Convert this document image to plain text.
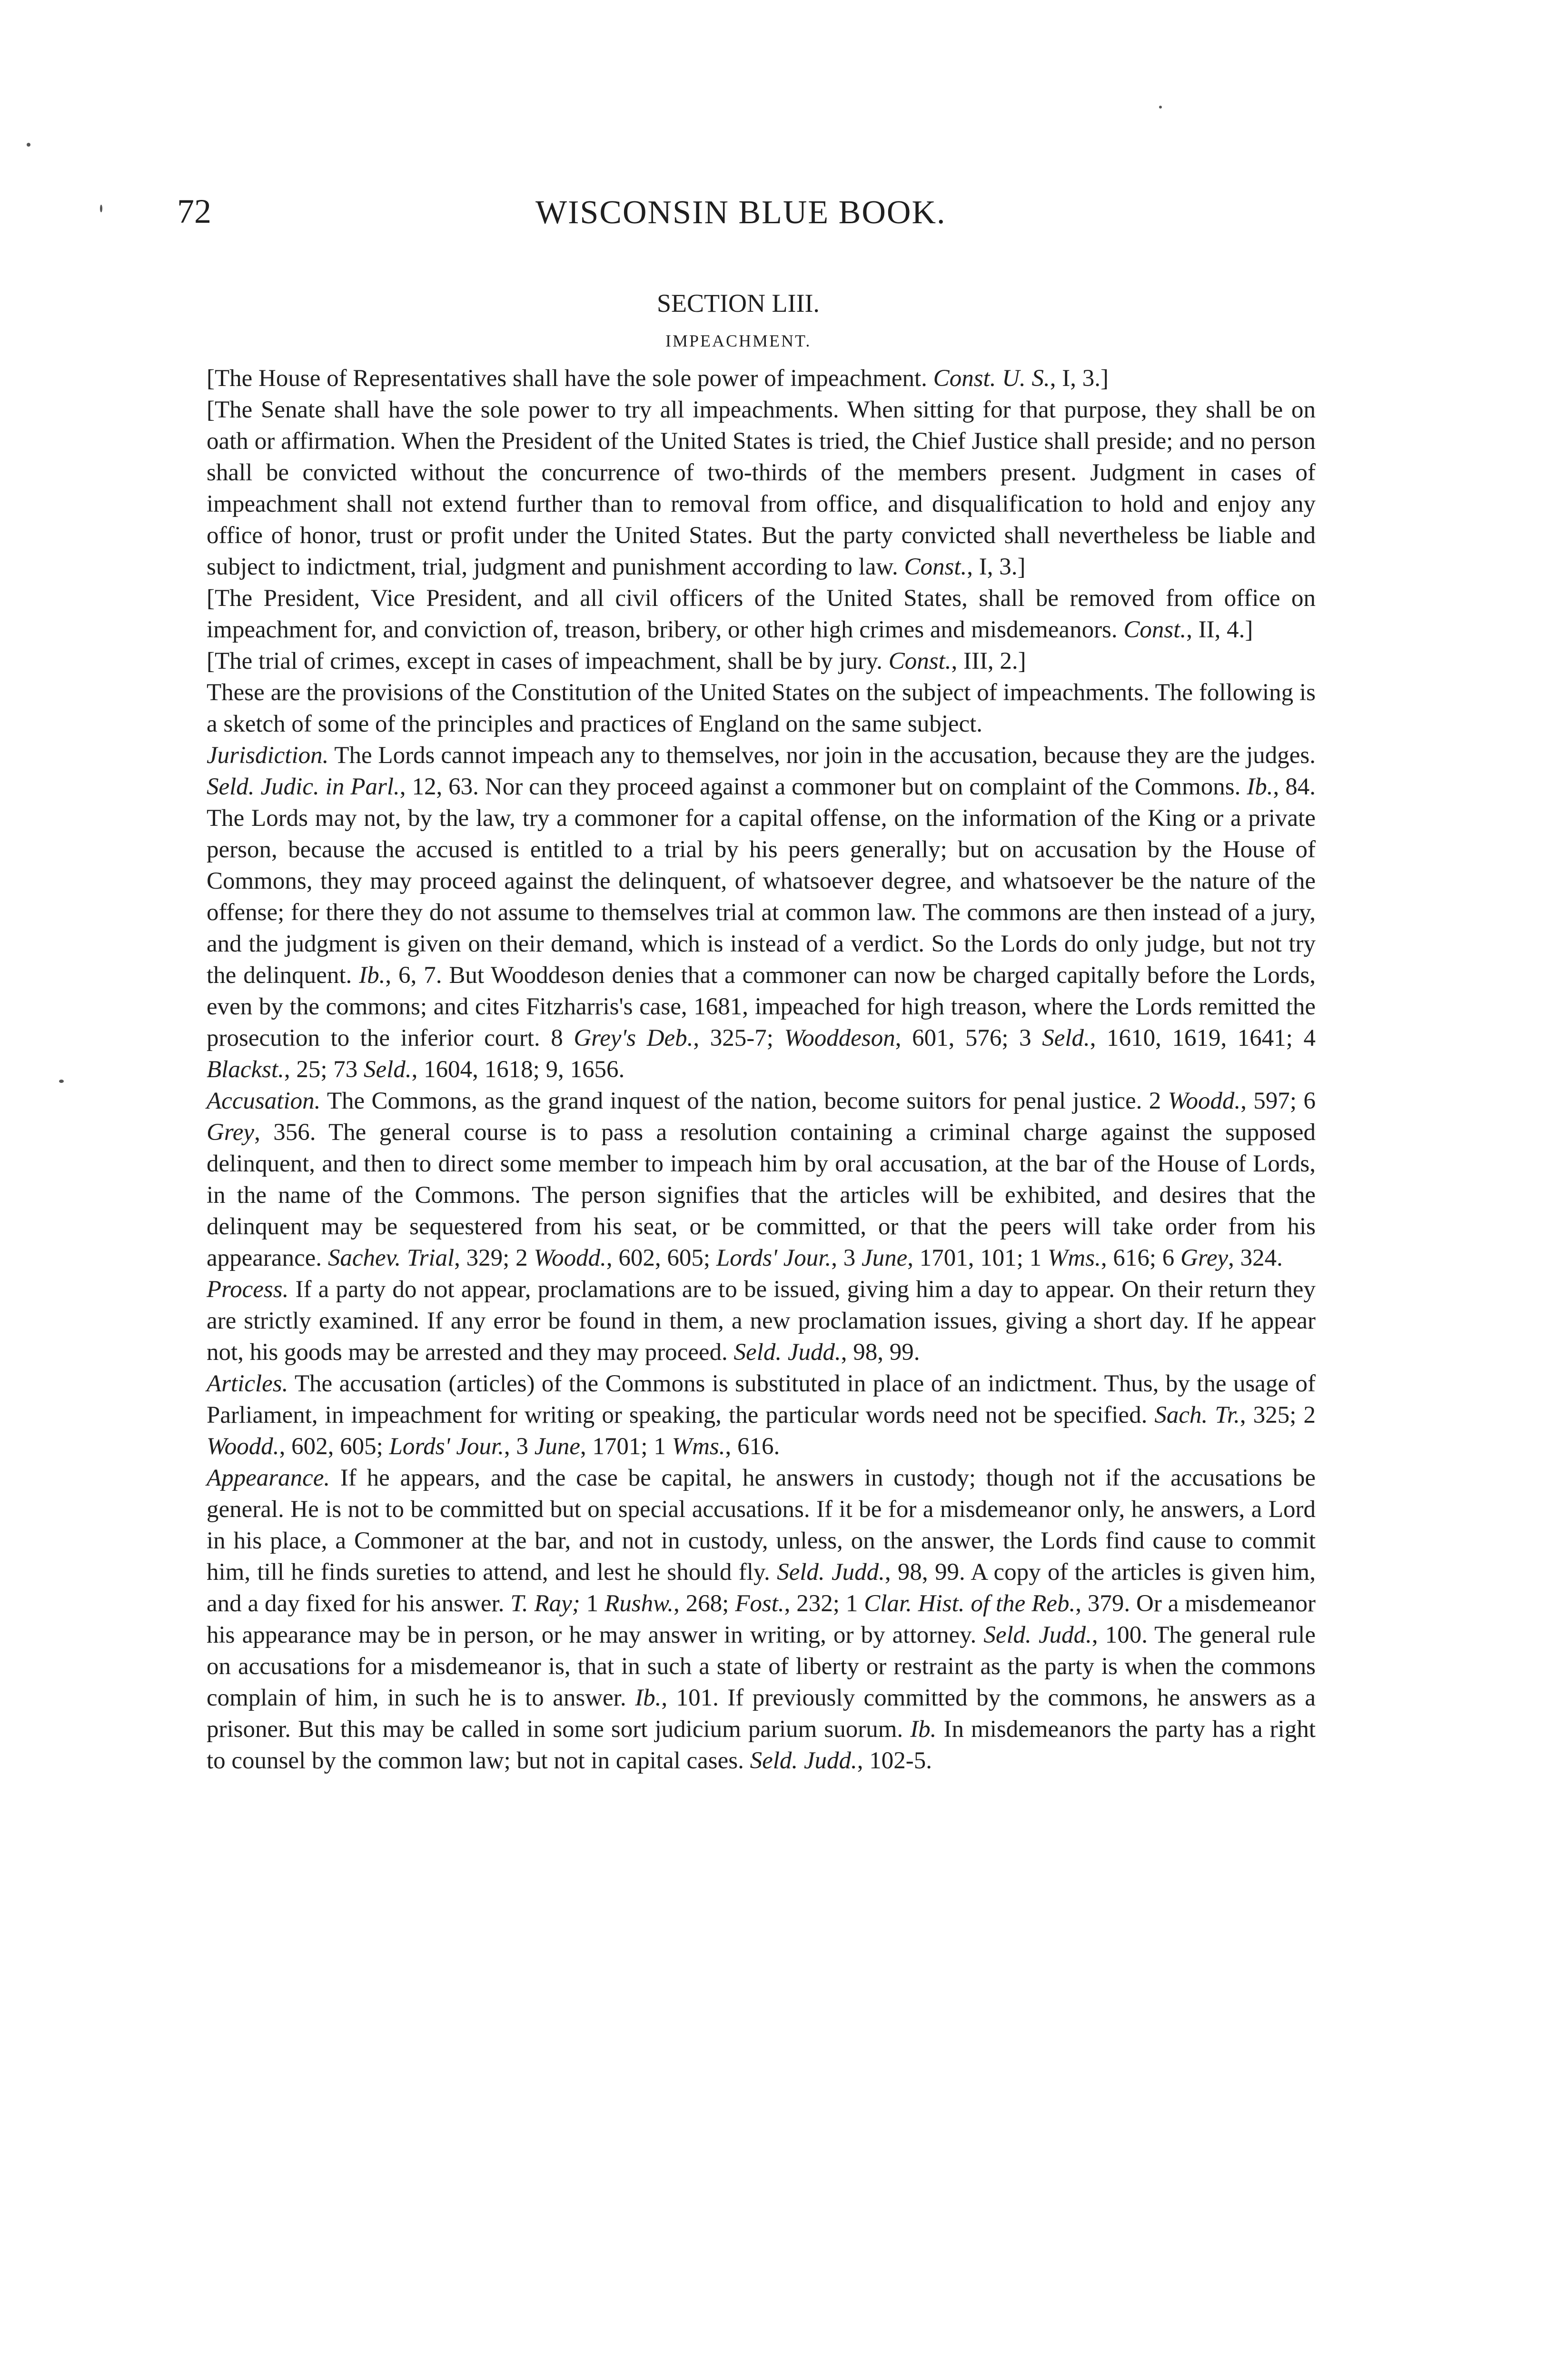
72	WISCONSIN BLUE BOOK.
SECTION LIII.
IMPEACHMENT.

[The House of Representatives shall have the sole power of impeachment. Const. U. S., I, 3.]

[The Senate shall have the sole power to try all impeachments. When sitting for that purpose, they shall be on oath or affirmation. When the President of the United States is tried, the Chief Justice shall preside; and no person shall be convicted without the concurrence of two-thirds of the members present. Judgment in cases of impeachment shall not extend further than to removal from office, and disqualification to hold and enjoy any office of honor, trust or profit under the United States. But the party convicted shall nevertheless be liable and subject to indictment, trial, judgment and punishment according to law. Const., I, 3.]

[The President, Vice President, and all civil officers of the United States, shall be removed from office on impeachment for, and conviction of, treason, bribery, or other high crimes and misdemeanors. Const., II, 4.]

[The trial of crimes, except in cases of impeachment, shall be by jury. Const., III, 2.]

These are the provisions of the Constitution of the United States on the subject of impeachments. The following is a sketch of some of the principles and practices of England on the same subject.

Jurisdiction. The Lords cannot impeach any to themselves, nor join in the accusation, because they are the judges. Seld. Judic. in Parl., 12, 63. Nor can they proceed against a commoner but on complaint of the Commons. Ib., 84. The Lords may not, by the law, try a commoner for a capital offense, on the information of the King or a private person, because the accused is entitled to a trial by his peers generally; but on accusation by the House of Commons, they may proceed against the delinquent, of whatsoever degree, and whatsoever be the nature of the offense; for there they do not assume to themselves trial at common law. The commons are then instead of a jury, and the judgment is given on their demand, which is instead of a verdict. So the Lords do only judge, but not try the delinquent. Ib., 6, 7. But Wooddeson denies that a commoner can now be charged capitally before the Lords, even by the commons; and cites Fitzharris's case, 1681, impeached for high treason, where the Lords remitted the prosecution to the inferior court. 8 Grey's Deb., 325-7; Wooddeson, 601, 576; 3 Seld., 1610, 1619, 1641; 4 Blackst., 25; 73 Seld., 1604, 1618; 9, 1656.

Accusation. The Commons, as the grand inquest of the nation, become suitors for penal justice. 2 Woodd., 597; 6 Grey, 356. The general course is to pass a resolution containing a criminal charge against the supposed delinquent, and then to direct some member to impeach him by oral accusation, at the bar of the House of Lords, in the name of the Commons. The person signifies that the articles will be exhibited, and desires that the delinquent may be sequestered from his seat, or be committed, or that the peers will take order from his appearance. Sachev. Trial, 329; 2 Woodd., 602, 605; Lords' Jour., 3 June, 1701, 101; 1 Wms., 616; 6 Grey, 324.

Process. If a party do not appear, proclamations are to be issued, giving him a day to appear. On their return they are strictly examined. If any error be found in them, a new proclamation issues, giving a short day. If he appear not, his goods may be arrested and they may proceed. Seld. Judd., 98, 99.

Articles. The accusation (articles) of the Commons is substituted in place of an indictment. Thus, by the usage of Parliament, in impeachment for writing or speaking, the particular words need not be specified. Sach. Tr., 325; 2 Woodd., 602, 605; Lords' Jour., 3 June, 1701; 1 Wms., 616.

Appearance. If he appears, and the case be capital, he answers in custody; though not if the accusations be general. He is not to be committed but on special accusations. If it be for a misdemeanor only, he answers, a Lord in his place, a Commoner at the bar, and not in custody, unless, on the answer, the Lords find cause to commit him, till he finds sureties to attend, and lest he should fly. Seld. Judd., 98, 99. A copy of the articles is given him, and a day fixed for his answer. T. Ray; 1 Rushw., 268; Fost., 232; 1 Clar. Hist. of the Reb., 379. Or a misdemeanor his appearance may be in person, or he may answer in writing, or by attorney. Seld. Judd., 100. The general rule on accusations for a misdemeanor is, that in such a state of liberty or restraint as the party is when the commons complain of him, in such he is to answer. Ib., 101. If previously committed by the commons, he answers as a prisoner. But this may be called in some sort judicium parium suorum. Ib. In misdemeanors the party has a right to counsel by the common law; but not in capital cases. Seld. Judd., 102-5.
